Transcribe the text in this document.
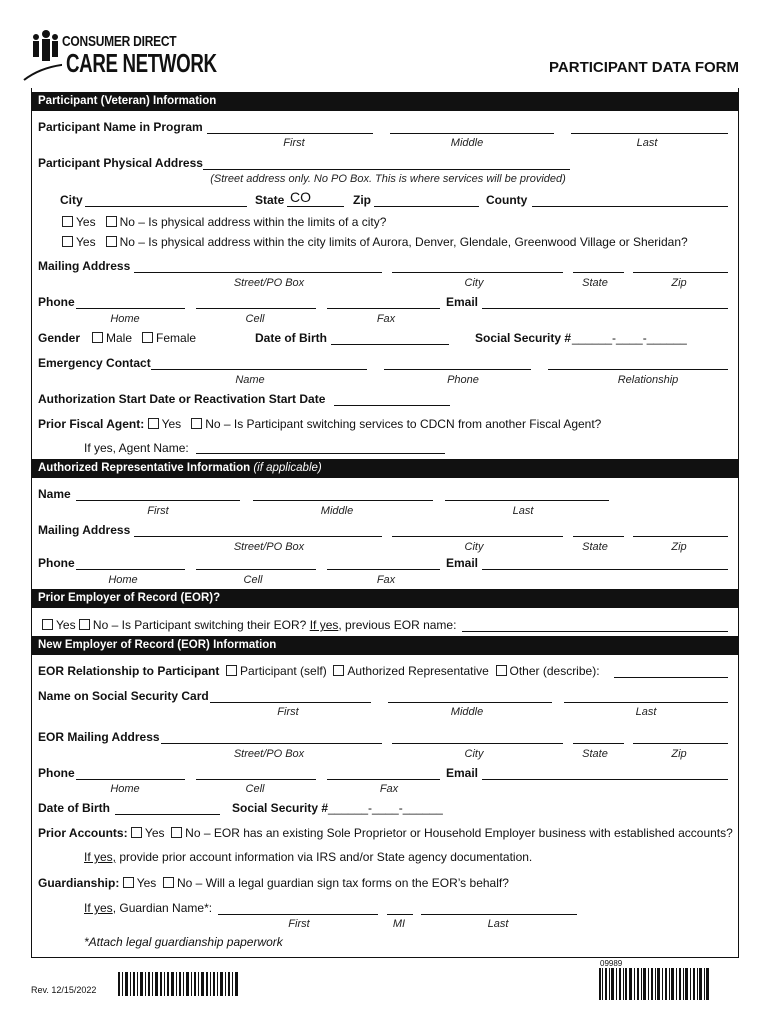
CONSUMER DIRECT
CARE NETWORK	PARTICIPANT DATA FORM
Participant (Veteran) Information
Participant Name in Program
First	Middle	Last
Participant Physical Address
(Street address only. No PO Box. This is where services will be provided)
City	State CO	Zip	County
Yes No – Is physical address within the limits of a city?
Yes No – Is physical address within the city limits of Aurora, Denver, Glendale, Greenwood Village or Sheridan?
Mailing Address
Street/PO Box	City	State	Zip
Phone	Email
Home	Cell	Fax
Gender	Male Female	Date of Birth	Social Security # ______-____-______
Emergency Contact
Name	Phone	Relationship
Authorization Start Date or Reactivation Start Date
Prior Fiscal Agent: Yes No – Is Participant switching services to CDCN from another Fiscal Agent?
If yes, Agent Name:
Authorized Representative Information (if applicable)
Name
First	Middle	Last
Mailing Address
Street/PO Box	City	State	Zip
Phone	Email
Home	Cell	Fax
Prior Employer of Record (EOR)?
Yes No – Is Participant switching their EOR? If yes, previous EOR name:
New Employer of Record (EOR) Information
EOR Relationship to Participant Participant (self) Authorized Representative Other (describe):
Name on Social Security Card
First	Middle	Last
EOR Mailing Address
Street/PO Box	City	State	Zip
Phone	Email
Home	Cell	Fax
Date of Birth	Social Security # ______-____-______
Prior Accounts: Yes No – EOR has an existing Sole Proprietor or Household Employer business with established accounts?
If yes, provide prior account information via IRS and/or State agency documentation.
Guardianship: Yes No – Will a legal guardian sign tax forms on the EOR’s behalf?
If yes, Guardian Name*:
First	MI	Last
*Attach legal guardianship paperwork
Rev. 12/15/2022
09989
